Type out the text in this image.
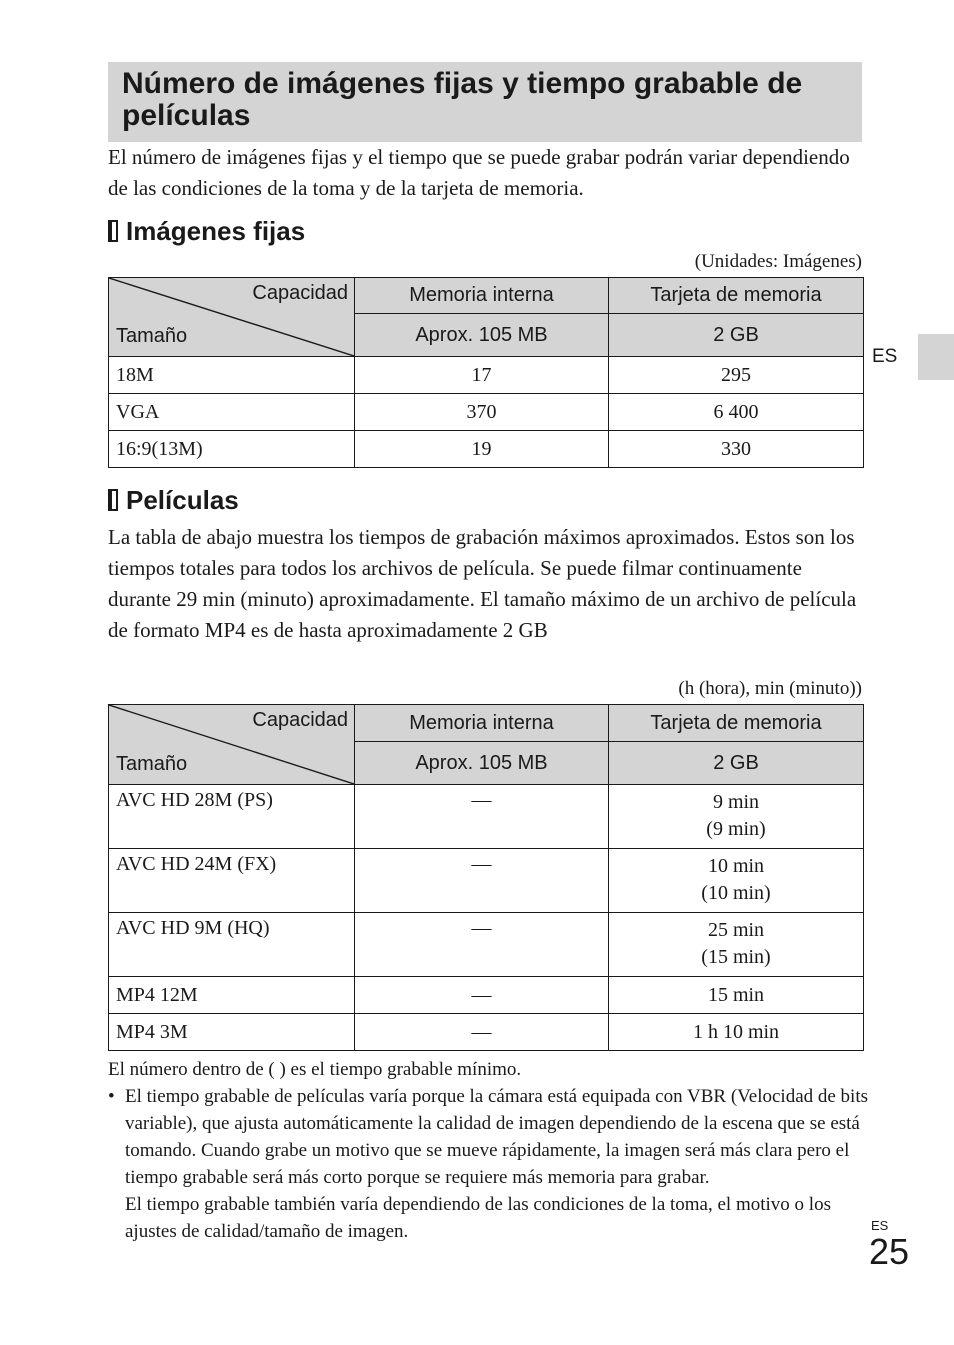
Número de imágenes fijas y tiempo grabable de películas
El número de imágenes fijas y el tiempo que se puede grabar podrán variar dependiendo de las condiciones de la toma y de la tarjeta de memoria.
Imágenes fijas
(Unidades: Imágenes)
Capacidad
Tamaño	Memoria interna	Tarjeta de memoria
	Aprox. 105 MB	2 GB
18M	17	295
VGA	370	6 400
16:9(13M)	19	330
Películas
La tabla de abajo muestra los tiempos de grabación máximos aproximados. Estos son los tiempos totales para todos los archivos de película. Se puede filmar continuamente durante 29 min (minuto) aproximadamente. El tamaño máximo de un archivo de película de formato MP4 es de hasta aproximadamente 2 GB
(h (hora), min (minuto))
Capacidad
Tamaño	Memoria interna	Tarjeta de memoria
	Aprox. 105 MB	2 GB
AVC HD 28M (PS)	—	9 min
(9 min)

AVC HD 24M (FX)	—	10 min
(10 min)

AVC HD 9M (HQ)	—	25 min
(15 min)

MP4 12M	—	15 min
MP4 3M	—	1 h 10 min
El número dentro de ( ) es el tiempo grabable mínimo.
• El tiempo grabable de películas varía porque la cámara está equipada con VBR (Velocidad de bits variable), que ajusta automáticamente la calidad de imagen dependiendo de la escena que se está tomando. Cuando grabe un motivo que se mueve rápidamente, la imagen será más clara pero el tiempo grabable será más corto porque se requiere más memoria para grabar.
El tiempo grabable también varía dependiendo de las condiciones de la toma, el motivo o los ajustes de calidad/tamaño de imagen.
ES
ES
25
